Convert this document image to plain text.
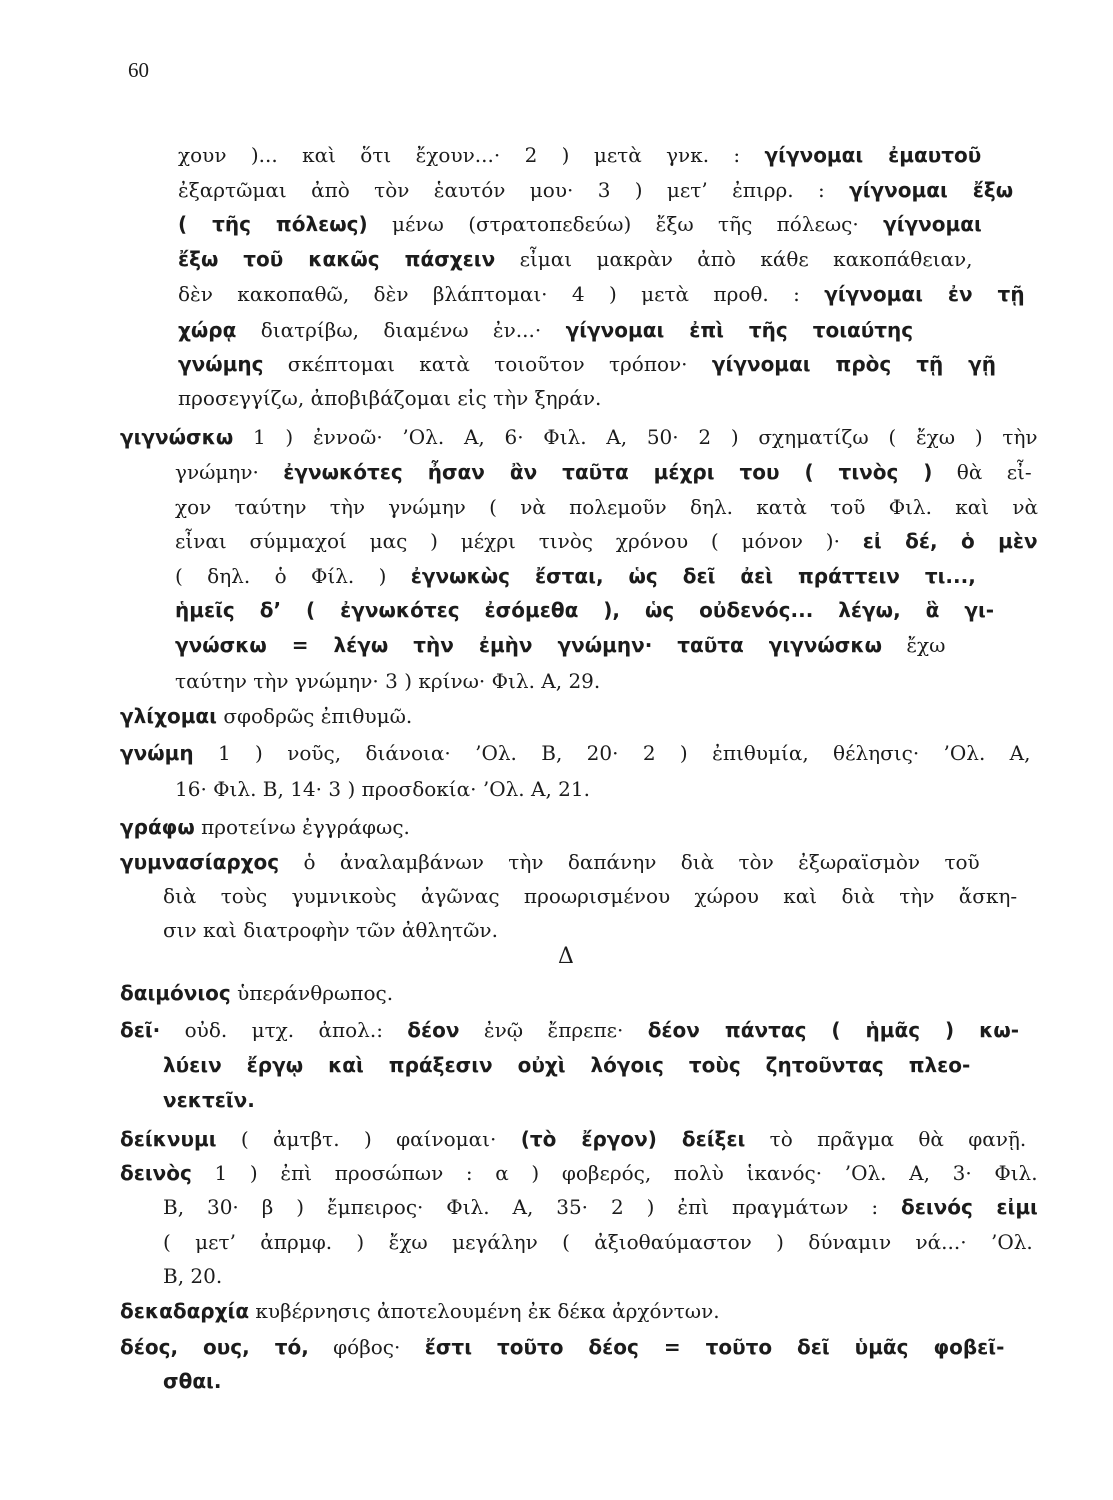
60
Δ
χουν )... καὶ ὅτι ἔχουν...· 2 ) μετὰ γνκ. : γίγνομαι ἐμαυτοῦ
ἐξαρτῶμαι ἀπὸ τὸν ἑαυτόν μου· 3 ) μετ’ ἐπιρρ. : γίγνομαι ἔξω
( τῆς πόλεως) μένω (στρατοπεδεύω) ἔξω τῆς πόλεως· γίγνομαι
ἔξω τοῦ κακῶς πάσχειν εἶμαι μακρὰν ἀπὸ κάθε κακοπάθειαν,
δὲν κακοπαθῶ, δὲν βλάπτομαι· 4 ) μετὰ προθ. : γίγνομαι ἐν τῇ
χώρᾳ διατρίβω, διαμένω ἐν...· γίγνομαι ἐπὶ τῆς τοιαύτης
γνώμης σκέπτομαι κατὰ τοιοῦτον τρόπον· γίγνομαι πρὸς τῇ γῇ
προσεγγίζω, ἀποβιβάζομαι εἰς τὴν ξηράν.
γιγνώσκω 1 ) ἐννοῶ· ’Ολ. Α, 6· Φιλ. Α, 50· 2 ) σχηματίζω ( ἔχω ) τὴν
γνώμην· ἐγνωκότες ἦσαν ἂν ταῦτα μέχρι του ( τινὸς ) θὰ εἶ-
χον ταύτην τὴν γνώμην ( νὰ πολεμοῦν δηλ. κατὰ τοῦ Φιλ. καὶ νὰ
εἶναι σύμμαχοί μας ) μέχρι τινὸς χρόνου ( μόνον )· εἰ δέ, ὁ μὲν
( δηλ. ὁ Φίλ. ) ἐγνωκὼς ἔσται, ὡς δεῖ ἀεὶ πράττειν τι...,
ἡμεῖς δ’ ( ἐγνωκότες ἐσόμεθα ), ὡς οὐδενός... λέγω, ἃ γι-
γνώσκω = λέγω τὴν ἐμὴν γνώμην· ταῦτα γιγνώσκω ἔχω
ταύτην τὴν γνώμην· 3 ) κρίνω· Φιλ. Α, 29.
γλίχομαι σφοδρῶς ἐπιθυμῶ.
γνώμη 1 ) νοῦς, διάνοια· ’Ολ. Β, 20· 2 ) ἐπιθυμία, θέλησις· ’Ολ. Α,
16· Φιλ. Β, 14· 3 ) προσδοκία· ’Ολ. Α, 21.
γράφω προτείνω ἐγγράφως.
γυμνασίαρχος ὁ ἀναλαμβάνων τὴν δαπάνην διὰ τὸν ἐξωραϊσμὸν τοῦ
διὰ τοὺς γυμνικοὺς ἀγῶνας προωρισμένου χώρου καὶ διὰ τὴν ἄσκη-
σιν καὶ διατροφὴν τῶν ἀθλητῶν.
δαιμόνιος ὑπεράνθρωπος.
δεῖ· οὐδ. μτχ. ἀπολ.: δέον ἐνῷ ἔπρεπε· δέον πάντας ( ἡμᾶς ) κω-
λύειν ἔργῳ καὶ πράξεσιν οὐχὶ λόγοις τοὺς ζητοῦντας πλεο-
νεκτεῖν.
δείκνυμι ( ἀμτβτ. ) φαίνομαι· (τὸ ἔργον) δείξει τὸ πρᾶγμα θὰ φανῇ.
δεινὸς 1 ) ἐπὶ προσώπων : α ) φοβερός, πολὺ ἱκανός· ’Ολ. Α, 3· Φιλ.
Β, 30· β ) ἔμπειρος· Φιλ. Α, 35· 2 ) ἐπὶ πραγμάτων : δεινός εἰμι
( μετ’ ἀπρμφ. ) ἔχω μεγάλην ( ἀξιοθαύμαστον ) δύναμιν νά...· ’Ολ.
Β, 20.
δεκαδαρχία κυβέρνησις ἀποτελουμένη ἐκ δέκα ἀρχόντων.
δέος, ους, τό, φόβος· ἔστι τοῦτο δέος = τοῦτο δεῖ ὑμᾶς φοβεῖ-
σθαι.
